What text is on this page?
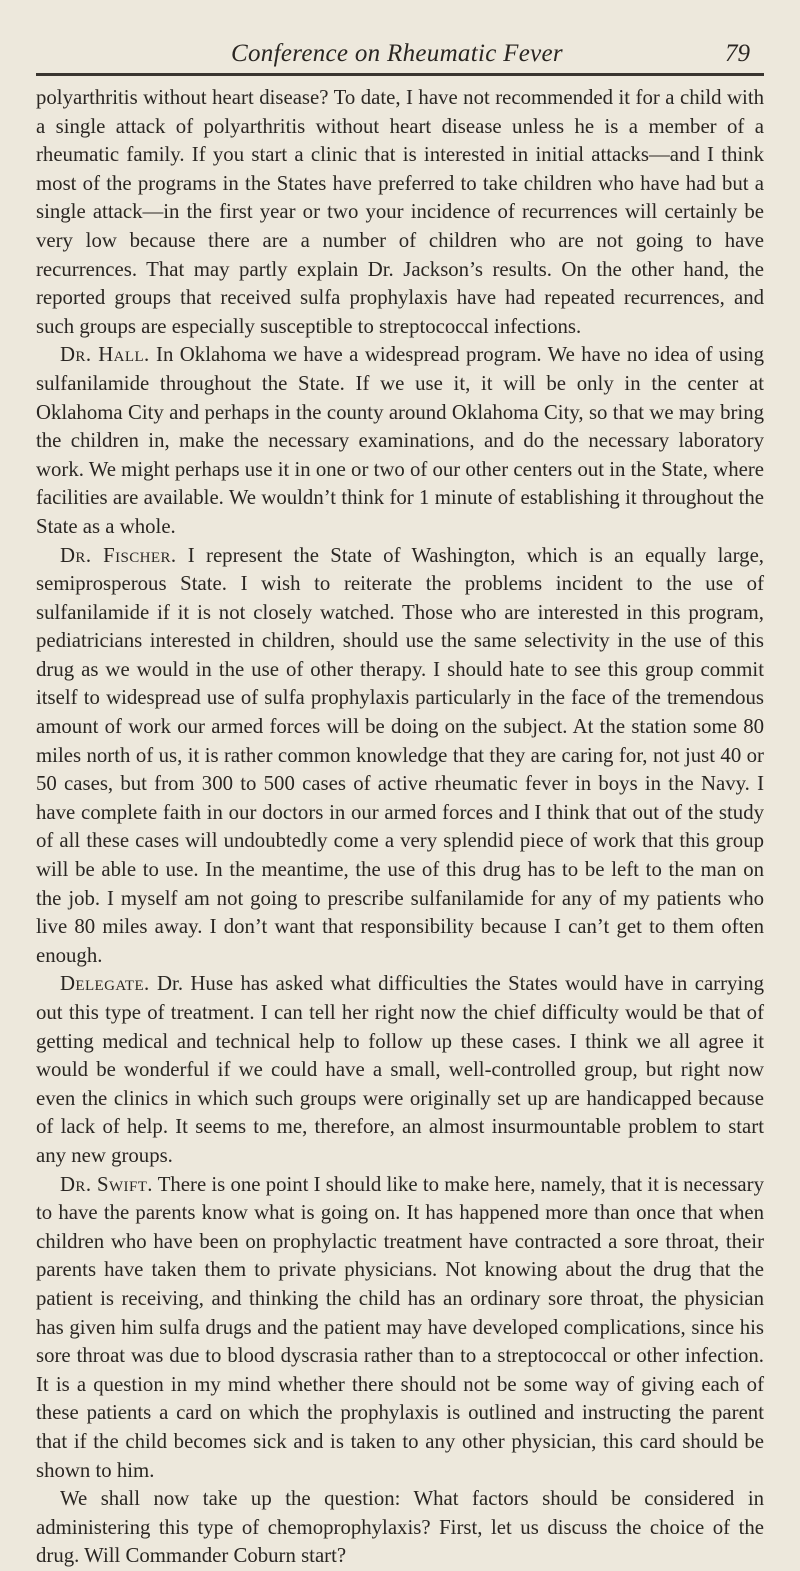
Conference on Rheumatic Fever	79

polyarthritis without heart disease? To date, I have not recommended it for a child with a single attack of polyarthritis without heart disease unless he is a member of a rheumatic family. If you start a clinic that is interested in initial attacks—and I think most of the programs in the States have preferred to take children who have had but a single attack—in the first year or two your incidence of recurrences will certainly be very low because there are a number of children who are not going to have recurrences. That may partly explain Dr. Jackson’s results. On the other hand, the reported groups that received sulfa prophylaxis have had repeated recurrences, and such groups are especially susceptible to streptococcal infections.

Dr. Hall. In Oklahoma we have a widespread program. We have no idea of using sulfanilamide throughout the State. If we use it, it will be only in the center at Oklahoma City and perhaps in the county around Oklahoma City, so that we may bring the children in, make the necessary examinations, and do the necessary laboratory work. We might perhaps use it in one or two of our other centers out in the State, where facilities are available. We wouldn’t think for 1 minute of establishing it throughout the State as a whole.

Dr. Fischer. I represent the State of Washington, which is an equally large, semiprosperous State. I wish to reiterate the problems incident to the use of sulfanilamide if it is not closely watched. Those who are interested in this program, pediatricians interested in children, should use the same selectivity in the use of this drug as we would in the use of other therapy. I should hate to see this group commit itself to widespread use of sulfa prophylaxis particularly in the face of the tremendous amount of work our armed forces will be doing on the subject. At the station some 80 miles north of us, it is rather common knowledge that they are caring for, not just 40 or 50 cases, but from 300 to 500 cases of active rheumatic fever in boys in the Navy. I have complete faith in our doctors in our armed forces and I think that out of the study of all these cases will undoubtedly come a very splendid piece of work that this group will be able to use. In the meantime, the use of this drug has to be left to the man on the job. I myself am not going to prescribe sulfanilamide for any of my patients who live 80 miles away. I don’t want that responsibility because I can’t get to them often enough.

Delegate. Dr. Huse has asked what difficulties the States would have in carrying out this type of treatment. I can tell her right now the chief difficulty would be that of getting medical and technical help to follow up these cases. I think we all agree it would be wonderful if we could have a small, well-controlled group, but right now even the clinics in which such groups were originally set up are handicapped because of lack of help. It seems to me, therefore, an almost insurmountable problem to start any new groups.

Dr. Swift. There is one point I should like to make here, namely, that it is necessary to have the parents know what is going on. It has happened more than once that when children who have been on prophylactic treatment have contracted a sore throat, their parents have taken them to private physicians. Not knowing about the drug that the patient is receiving, and thinking the child has an ordinary sore throat, the physician has given him sulfa drugs and the patient may have developed complications, since his sore throat was due to blood dyscrasia rather than to a streptococcal or other infection. It is a question in my mind whether there should not be some way of giving each of these patients a card on which the prophylaxis is outlined and instructing the parent that if the child becomes sick and is taken to any other physician, this card should be shown to him.

We shall now take up the question: What factors should be considered in administering this type of chemoprophylaxis? First, let us discuss the choice of the drug. Will Commander Coburn start?
